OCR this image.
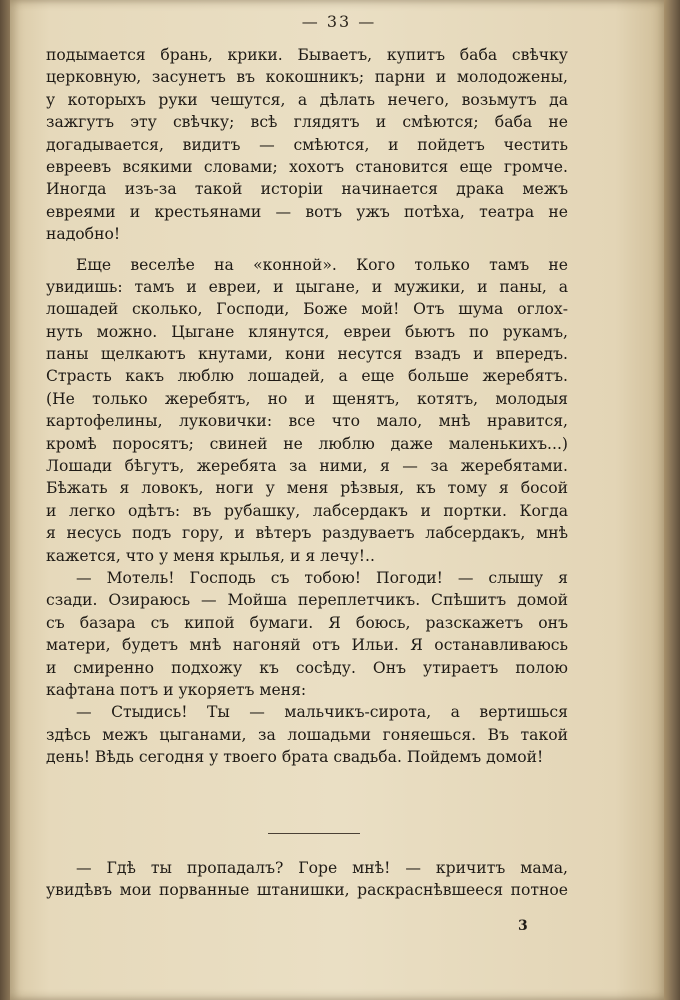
— 33 —
подымается брань, крики. Бываетъ, купитъ баба свѣчку
церковную, засунетъ въ кокошникъ; парни и молодожены,
у которыхъ руки чешутся, а дѣлать нечего, возьмутъ да
зажгутъ эту свѣчку; всѣ глядятъ и смѣются; баба не
догадывается, видитъ — смѣются, и пойдетъ честить
евреевъ всякими словами; хохотъ становится еще громче.
Иногда изъ-за такой исторіи начинается драка межъ
евреями и крестьянами — вотъ ужъ потѣха, театра не
надобно!
Еще веселѣе на «конной». Кого только тамъ не
увидишь: тамъ и евреи, и цыгане, и мужики, и паны, а
лошадей сколько, Господи, Боже мой! Отъ шума оглох-
нуть можно. Цыгане клянутся, евреи бьютъ по рукамъ,
паны щелкаютъ кнутами, кони несутся взадъ и впередъ.
Страсть какъ люблю лошадей, а еще больше жеребятъ.
(Не только жеребятъ, но и щенятъ, котятъ, молодыя
картофелины, луковички: все что мало, мнѣ нравится,
кромѣ поросятъ; свиней не люблю даже маленькихъ...)
Лошади бѣгутъ, жеребята за ними, я — за жеребятами.
Бѣжать я ловокъ, ноги у меня рѣзвыя, къ тому я босой
и легко одѣтъ: въ рубашку, лабсердакъ и портки. Когда
я несусь подъ гору, и вѣтеръ раздуваетъ лабсердакъ, мнѣ
кажется, что у меня крылья, и я лечу!..
— Мотель! Господь съ тобою! Погоди! — слышу я
сзади. Озираюсь — Мойша переплетчикъ. Спѣшитъ домой
съ базара съ кипой бумаги. Я боюсь, разскажетъ онъ
матери, будетъ мнѣ нагоняй отъ Ильи. Я останавливаюсь
и смиренно подхожу къ сосѣду. Онъ утираетъ полою
кафтана потъ и укоряетъ меня:
— Стыдись! Ты — мальчикъ-сирота, а вертишься
здѣсь межъ цыганами, за лошадьми гоняешься. Въ такой
день! Вѣдь сегодня у твоего брата свадьба. Пойдемъ домой!
— Гдѣ ты пропадалъ? Горе мнѣ! — кричитъ мама,
увидѣвъ мои порванные штанишки, раскраснѣвшееся потное
3
